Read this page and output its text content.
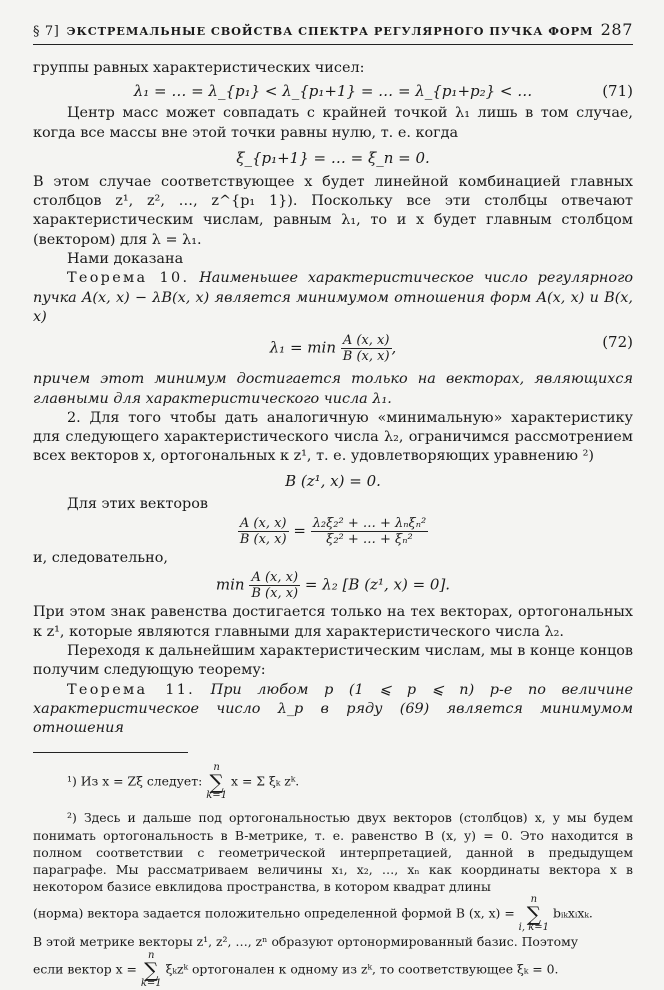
§ 7] ЭКСТРЕМАЛЬНЫЕ СВОЙСТВА СПЕКТРА РЕГУЛЯРНОГО ПУЧКА ФОРМ 287

группы равных характеристических чисел:

λ₁ = … = λ_{p₁} < λ_{p₁+1} = … = λ_{p₁+p₂} < …	(71)

Центр масс может совпадать с крайней точкой λ₁ лишь в том случае, когда все массы вне этой точки равны нулю, т. е. когда

ξ_{p₁+1} = … = ξ_n = 0.

В этом случае соответствующее x будет линейной комбинацией главных столбцов z¹, z², …, z^{p₁ 1}). Поскольку все эти столбцы отвечают характеристическим числам, равным λ₁, то и x будет главным столбцом (вектором) для λ = λ₁.

Нами доказана

Теорема 10. Наименьшее характеристическое число регулярного пучка A(x, x) − λB(x, x) является минимумом отношения форм A(x, x) и B(x, x)

$\lambda_1 = \min \frac{A (x, x)}{B (x, x)}$ ,	(72)

причем этот минимум достигается только на векторах, являющихся главными для характеристического числа λ₁.

2. Для того чтобы дать аналогичную «минимальную» характеристику для следующего характеристического числа λ₂, ограничимся рассмотрением всех векторов x, ортогональных к z¹, т. е. удовлетворяющих уравнению ²)

B (z¹, x) = 0.

Для этих векторов

$\frac{A (x, x)}{B (x, x)} = \frac{\text{λ₂ξ₂² + … + λₙξₙ²}}{\text{ξ₂² + … + ξₙ²}}$

и, следовательно,

$\min \frac{A (x, x)}{B (x, x)} = \lambda_2$ [B (z¹, x) = 0].

При этом знак равенства достигается только на тех векторах, ортогональных к z¹, которые являются главными для характеристического числа λ₂.

Переходя к дальнейшим характеристическим числам, мы в конце концов получим следующую теорему:

Теорема 11. При любом p (1 ⩽ p ⩽ n) p-е по величине характеристическое число λ_p в ряду (69) является минимумом отношения

¹) Из x = Zξ следует:
n
∑
k=1
x = Σ ξₖ zᵏ.
²) Здесь и дальше под ортогональностью двух векторов (столбцов) x, y мы будем понимать ортогональность в B-метрике, т. е. равенство B (x, y) = 0. Это находится в полном соответствии с геометрической интерпретацией, данной в предыдущем параграфе. Мы рассматриваем величины x₁, x₂, …, xₙ как координаты вектора x в некотором базисе евклидова пространства, в котором квадрат длины
(норма) вектора задается положительно определенной формой B (x, x) =
n
∑
i, k=1
bᵢₖxᵢxₖ.
В этой метрике векторы z¹, z², …, zⁿ образуют ортонормированный базис. Поэтому
если вектор x =
n
∑
k=1
ξₖzᵏ ортогонален к одному из zᵏ, то соответствующее ξₖ = 0.
